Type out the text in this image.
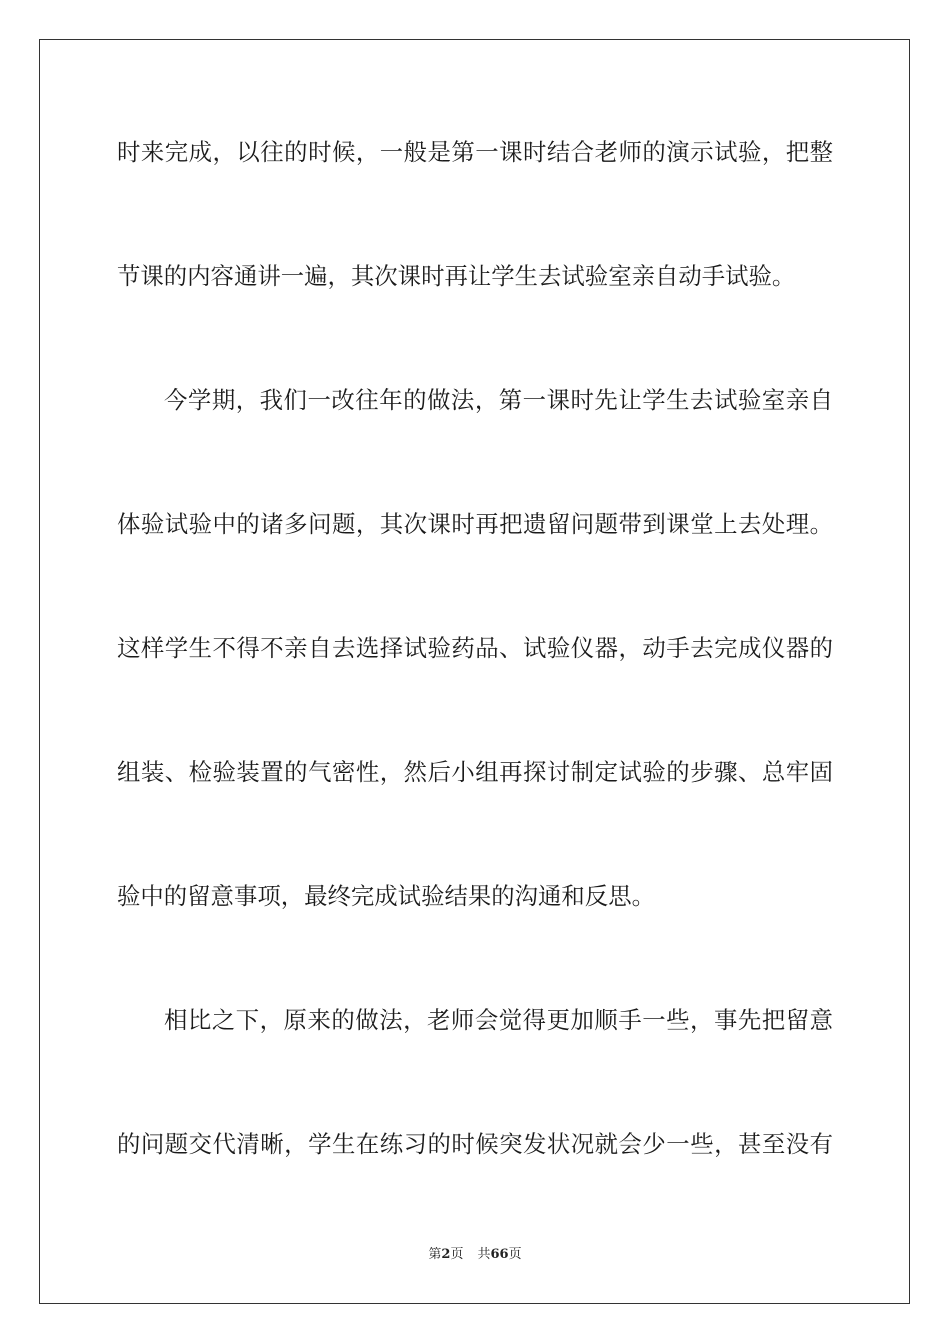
时来完成，以往的时候，一般是第一课时结合老师的演示试验，把整
节课的内容通讲一遍，其次课时再让学生去试验室亲自动手试验。
今学期，我们一改往年的做法，第一课时先让学生去试验室亲自
体验试验中的诸多问题，其次课时再把遗留问题带到课堂上去处理。
这样学生不得不亲自去选择试验药品、试验仪器，动手去完成仪器的
组装、检验装置的气密性，然后小组再探讨制定试验的步骤、总牢固
验中的留意事项，最终完成试验结果的沟通和反思。
相比之下，原来的做法，老师会觉得更加顺手一些，事先把留意
的问题交代清晰，学生在练习的时候突发状况就会少一些，甚至没有
第2页 共66页
